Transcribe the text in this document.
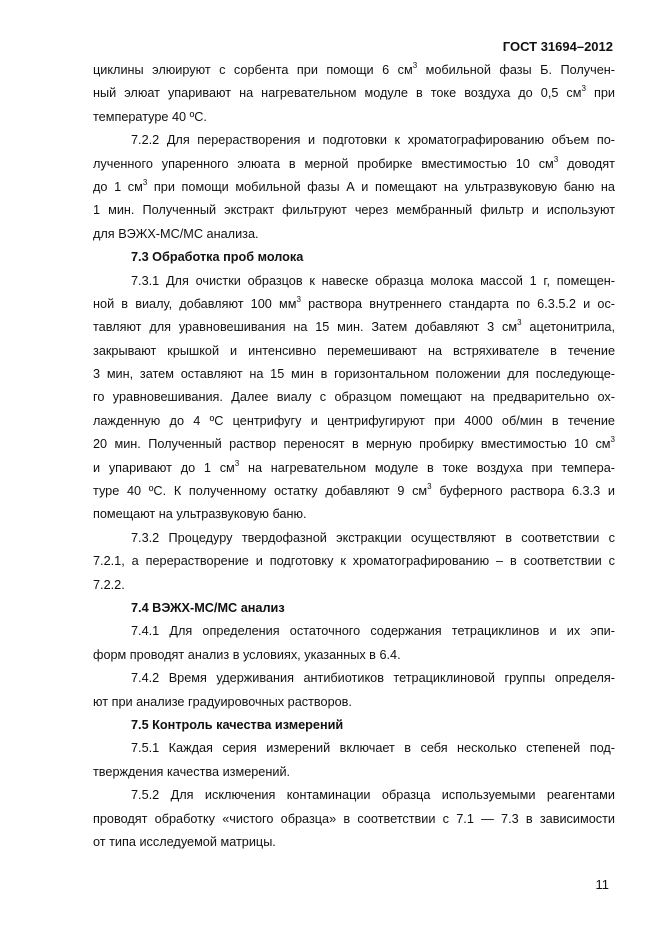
ГОСТ 31694–2012
циклины элюируют с сорбента при помощи 6 $см^3$ мобильной фазы Б. Получен-
ный элюат упаривают на нагревательном модуле в токе воздуха до 0,5 $см^3$ при
температуре 40 ºС.
7.2.2 Для перерастворения и подготовки к хроматографированию объем по-
лученного упаренного элюата в мерной пробирке вместимостью 10 $см^3$ доводят
до 1 $см^3$ при помощи мобильной фазы А и помещают на ультразвуковую баню на
1 мин. Полученный экстракт фильтруют через мембранный фильтр и используют
для ВЭЖХ-МС/МС анализа.
7.3 Обработка проб молока
7.3.1 Для очистки образцов к навеске образца молока массой 1 г, помещен-
ной в виалу, добавляют 100 $мм^3$ раствора внутреннего стандарта по 6.3.5.2 и ос-
тавляют для уравновешивания на 15 мин. Затем добавляют 3 $см^3$ ацетонитрила,
закрывают крышкой и интенсивно перемешивают на встряхивателе в течение
3 мин, затем оставляют на 15 мин в горизонтальном положении для последующе-
го уравновешивания. Далее виалу с образцом помещают на предварительно ох-
лажденную до 4 ºС центрифугу и центрифугируют при 4000 об/мин в течение
20 мин. Полученный раствор переносят в мерную пробирку вместимостью 10 $см^3$
и упаривают до 1 $см^3$ на нагревательном модуле в токе воздуха при темпера-
туре 40 ºС. К полученному остатку добавляют 9 $см^3$ буферного раствора 6.3.3 и
помещают на ультразвуковую баню.
7.3.2 Процедуру твердофазной экстракции осуществляют в соответствии с
7.2.1, а перерастворение и подготовку к хроматографированию – в соответствии с
7.2.2.
7.4 ВЭЖХ-МС/МС анализ
7.4.1 Для определения остаточного содержания тетрациклинов и их эпи-
форм проводят анализ в условиях, указанных в 6.4.
7.4.2 Время удерживания антибиотиков тетрациклиновой группы определя-
ют при анализе градуировочных растворов.
7.5 Контроль качества измерений
7.5.1 Каждая серия измерений включает в себя несколько степеней под-
тверждения качества измерений.
7.5.2 Для исключения контаминации образца используемыми реагентами
проводят обработку «чистого образца» в соответствии с 7.1 — 7.3 в зависимости
от типа исследуемой матрицы.
11
